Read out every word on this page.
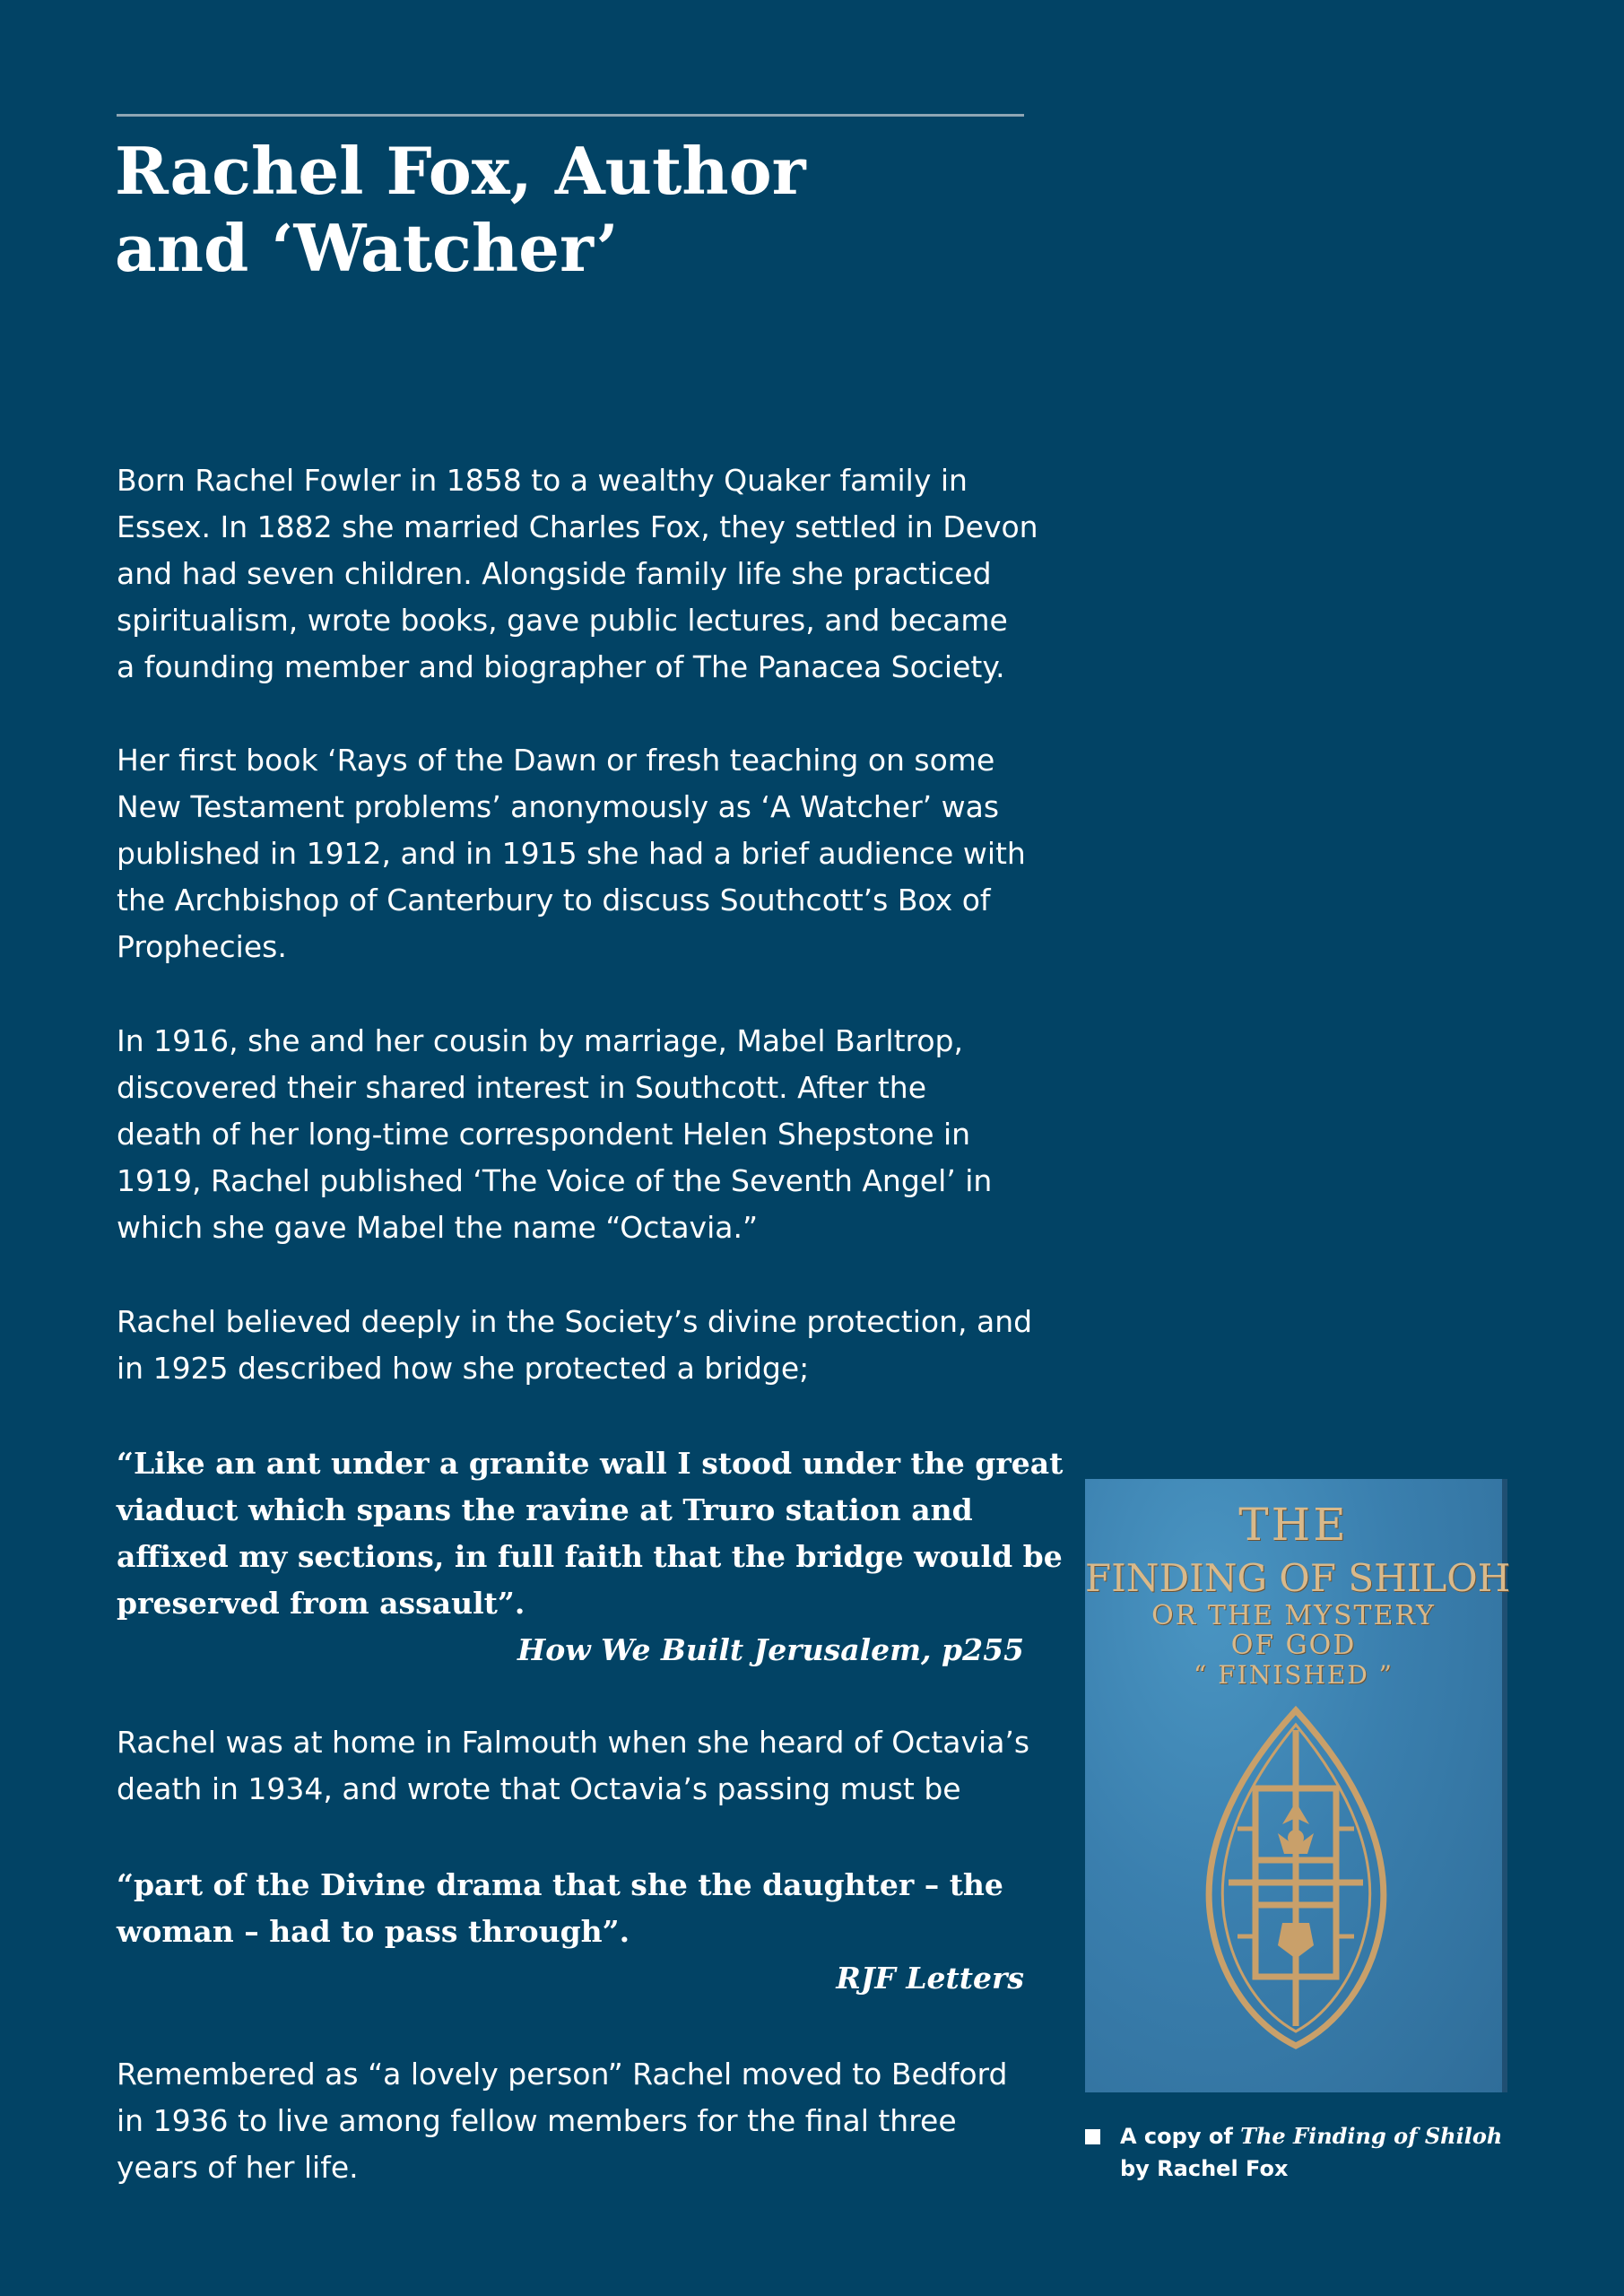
Rachel Fox, Author
and ‘Watcher’

Born Rachel Fowler in 1858 to a wealthy Quaker family in
Essex. In 1882 she married Charles Fox, they settled in Devon
and had seven children. Alongside family life she practiced
spiritualism, wrote books, gave public lectures, and became
a founding member and biographer of The Panacea Society.

Her first book ‘Rays of the Dawn or fresh teaching on some
New Testament problems’ anonymously as ‘A Watcher’ was
published in 1912, and in 1915 she had a brief audience with
the Archbishop of Canterbury to discuss Southcott’s Box of
Prophecies.

In 1916, she and her cousin by marriage, Mabel Barltrop,
discovered their shared interest in Southcott. After the
death of her long-time correspondent Helen Shepstone in
1919, Rachel published ‘The Voice of the Seventh Angel’ in
which she gave Mabel the name “Octavia.”

Rachel believed deeply in the Society’s divine protection, and
in 1925 described how she protected a bridge;

“Like an ant under a granite wall I stood under the great
viaduct which spans the ravine at Truro station and
affixed my sections, in full faith that the bridge would be
preserved from assault”.

How We Built Jerusalem, p255

Rachel was at home in Falmouth when she heard of Octavia’s
death in 1934, and wrote that Octavia’s passing must be

“part of the Divine drama that she the daughter – the
woman – had to pass through”.

RJF Letters

Remembered as “a lovely person” Rachel moved to Bedford
in 1936 to live among fellow members for the final three
years of her life.

THE
FINDING OF SHILOH
OR THE MYSTERY
OF GOD
“ FINISHED ”
A copy of The Finding of Shiloh
by Rachel Fox
